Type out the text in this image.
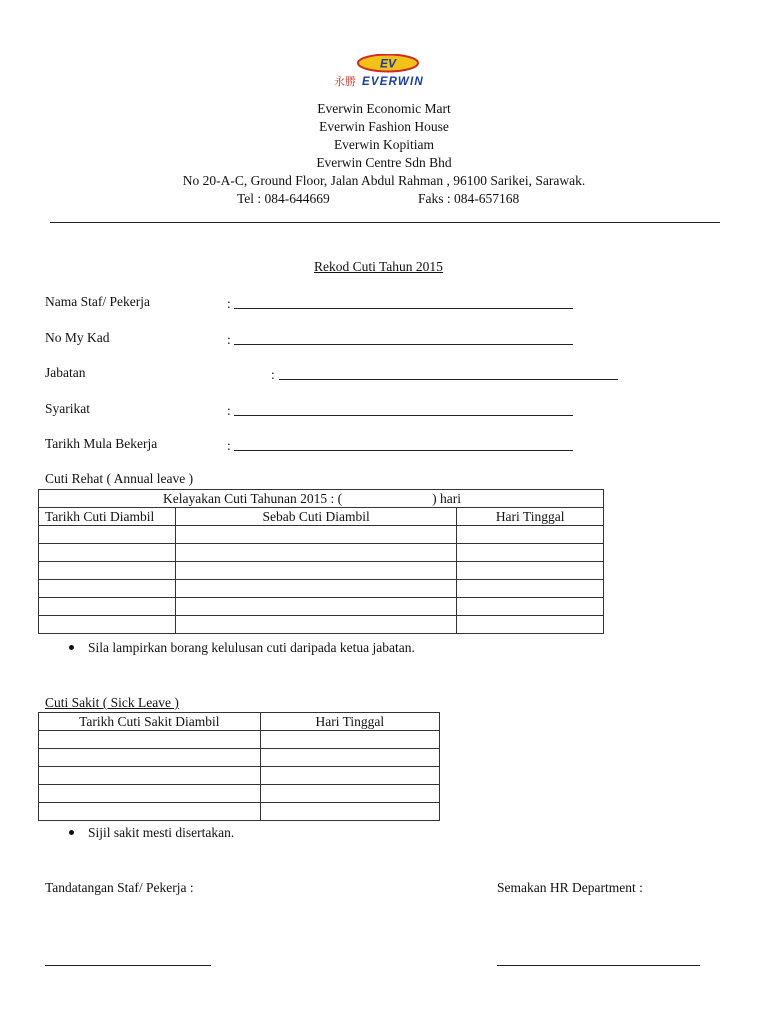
EV
永勝 EVERWIN
Everwin Economic Mart
Everwin Fashion House
Everwin Kopitiam
Everwin Centre Sdn Bhd
No 20-A-C, Ground Floor, Jalan Abdul Rahman , 96100 Sarikei, Sarawak.
Tel : 084-644669	Faks : 084-657168
Rekod Cuti Tahun 2015
Nama Staf/ Pekerja	:
No My Kad	:
Jabatan	:
Syarikat	:
Tarikh Mula Bekerja	:
Cuti Rehat ( Annual leave )
Kelayakan Cuti Tahunan 2015 : ( ) hari		
Tarikh Cuti Diambil	Sebab Cuti Diambil	Hari Tinggal

Sila lampirkan borang kelulusan cuti daripada ketua jabatan.
Cuti Sakit ( Sick Leave )
Tarikh Cuti Sakit Diambil	Hari Tinggal

Sijil sakit mesti disertakan.
Tandatangan Staf/ Pekerja :	Semakan HR Department :
